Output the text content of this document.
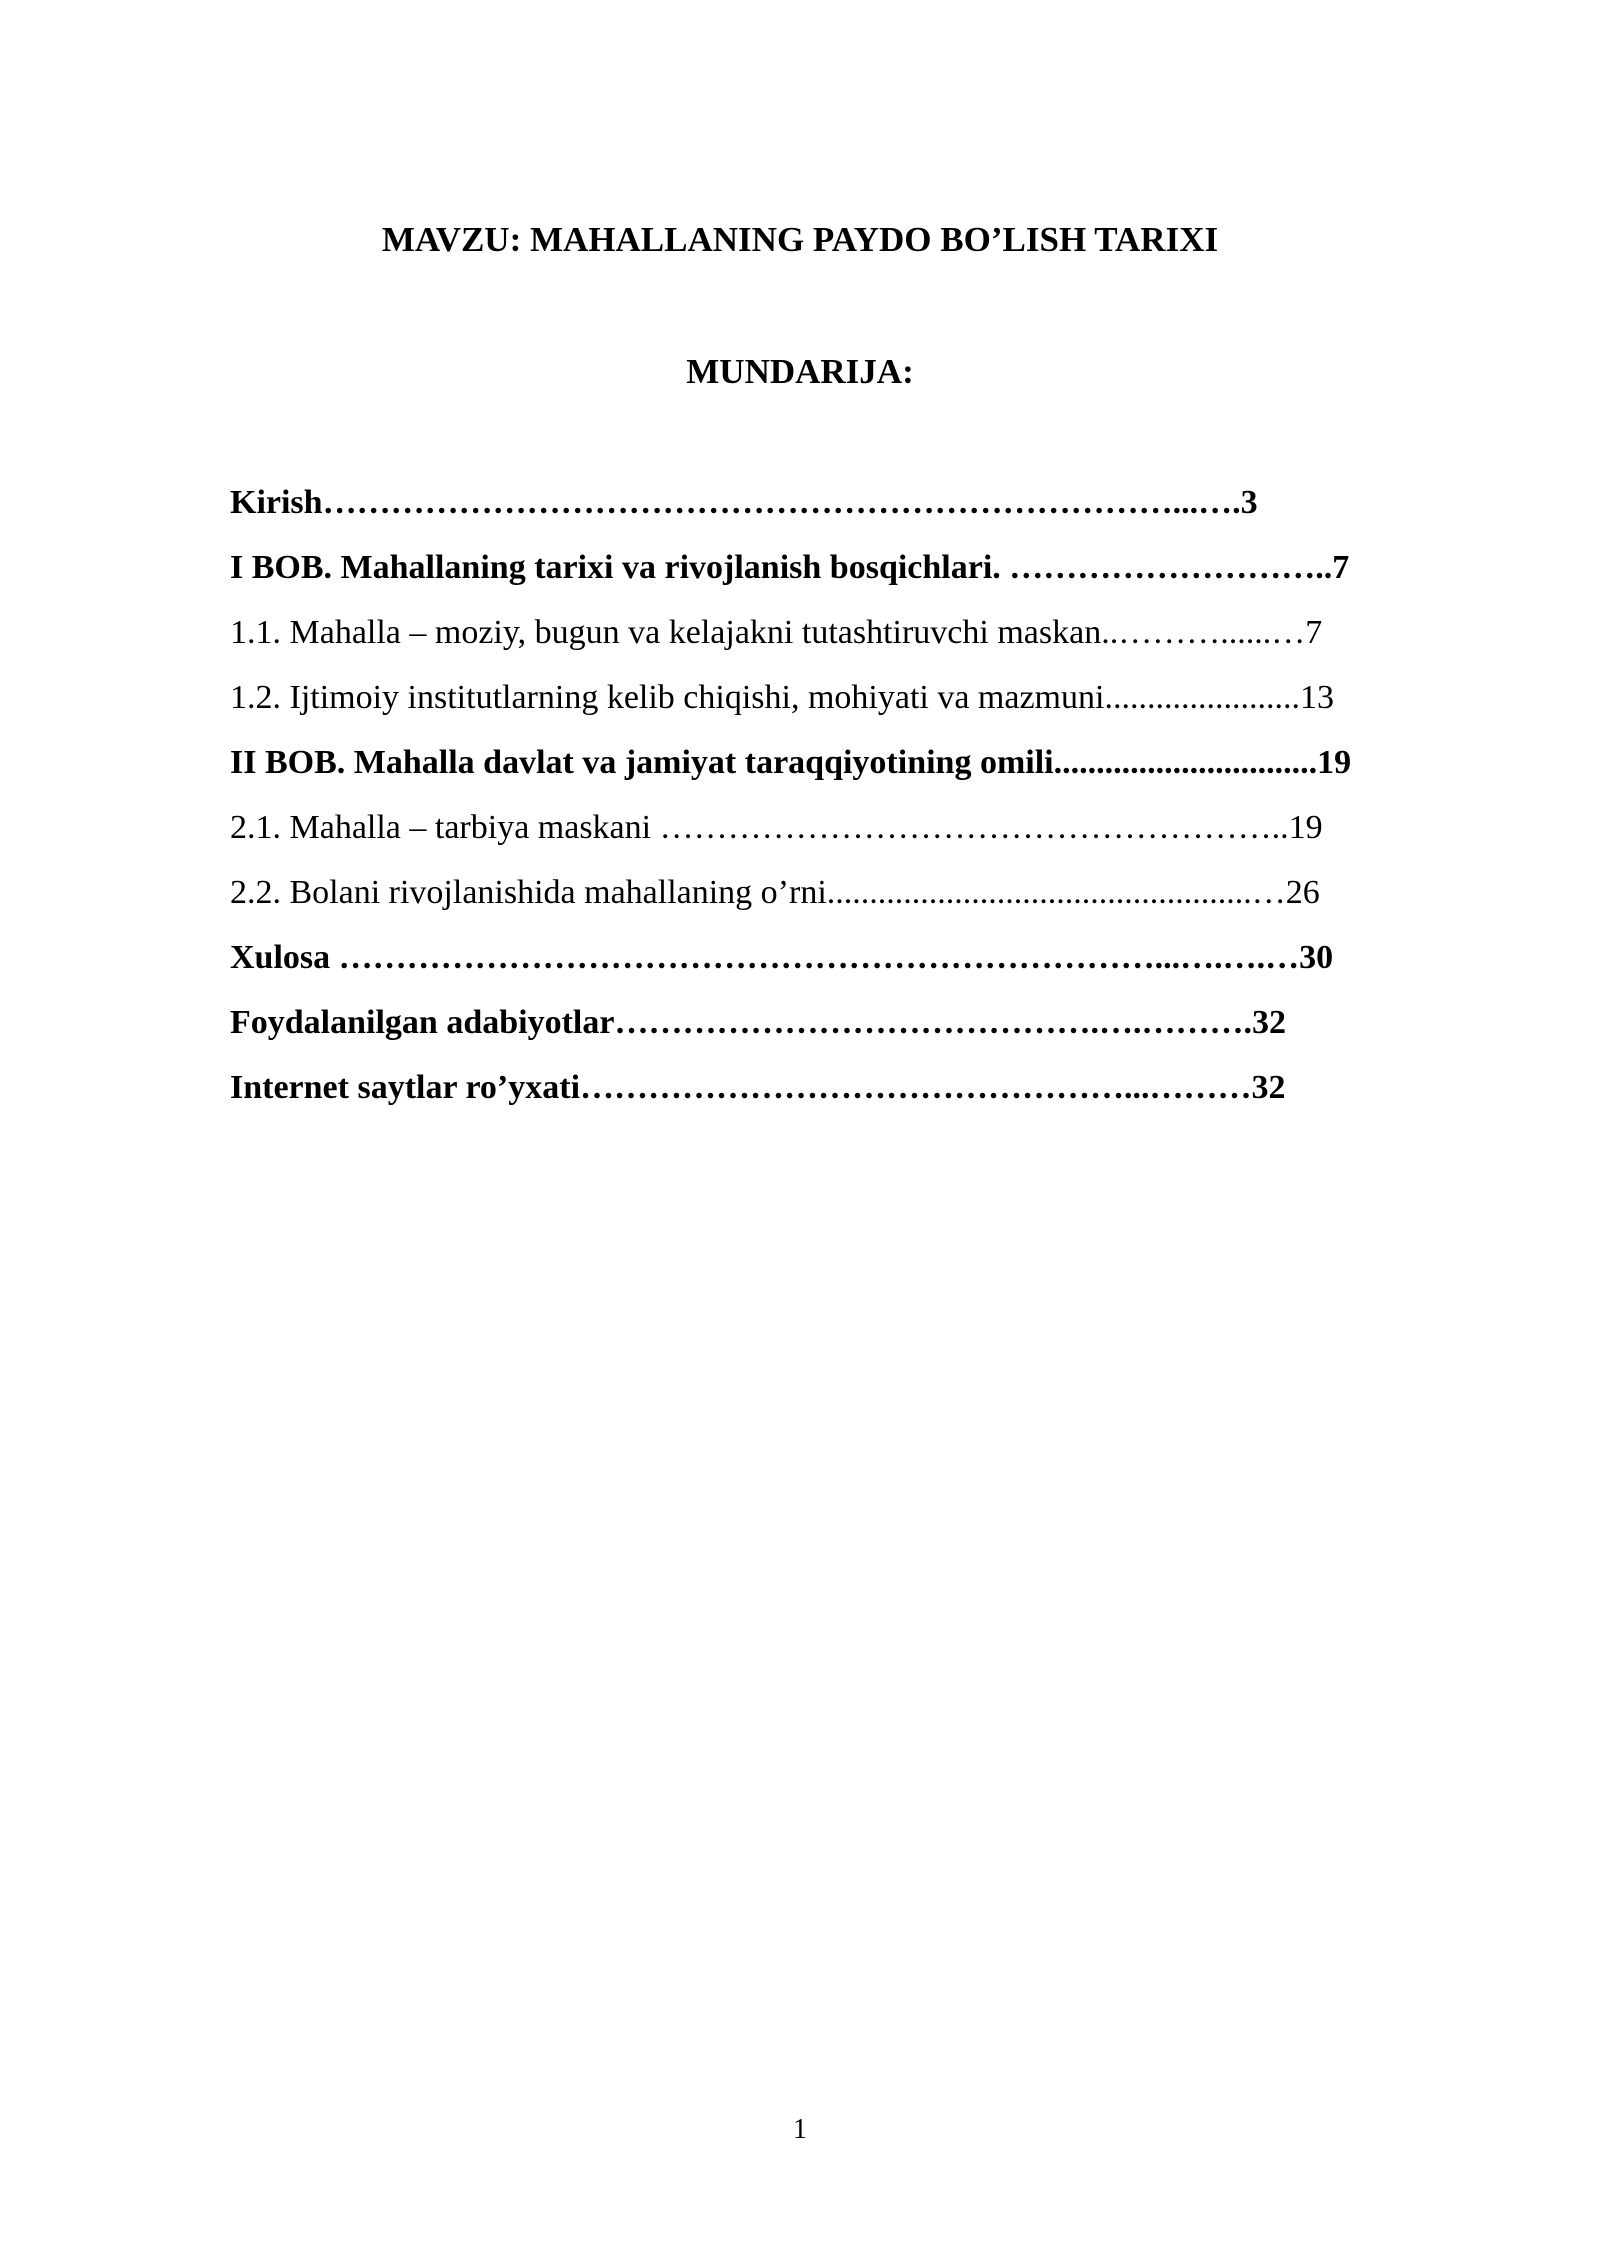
MAVZU: MAHALLANING PAYDO BO’LISH TARIXI
MUNDARIJA:
Kirish…………………………………………………………………...….3
I BOB. Mahallaning tarixi va rivojlanish bosqichlari. ………………………..7
1.1. Mahalla – moziy, bugun va kelajakni tutashtiruvchi maskan..………......…7
1.2. Ijtimoiy institutlarning kelib chiqishi, mohiyati va mazmuni.......................13
II BOB. Mahalla davlat va jamiyat taraqqiyotining omili...............................19
2.1. Mahalla – tarbiya maskani ………………………………………………..19
2.2. Bolani rivojlanishida mahallaning o’rni..................................................…26
Xulosa ………………………………………………………………...….….…30
Foydalanilgan adabiyotlar…………………………………….….……….32
Internet saytlar ro’yxati…………………………………………...………32
1
